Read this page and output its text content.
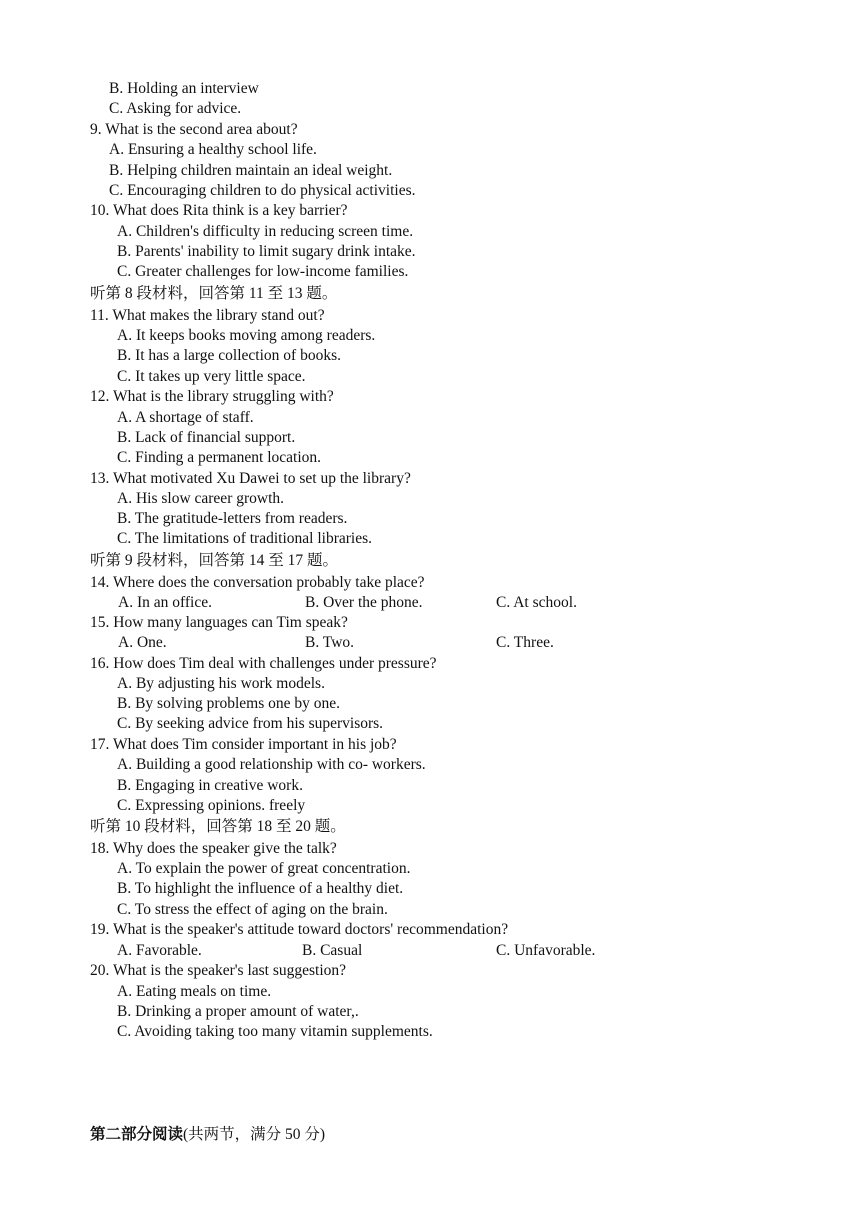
B. Holding an interview
C. Asking for advice.
9. What is the second area about?
A. Ensuring a healthy school life.
B. Helping children maintain an ideal weight.
C. Encouraging children to do physical activities.
10. What does Rita think is a key barrier?
A. Children's difficulty in reducing screen time.
B. Parents' inability to limit sugary drink intake.
C. Greater challenges for low-income families.
听第 8 段材料，回答第 11 至 13 题。
11. What makes the library stand out?
A. It keeps books moving among readers.
B. It has a large collection of books.
C. It takes up very little space.
12. What is the library struggling with?
A. A shortage of staff.
B. Lack of financial support.
C. Finding a permanent location.
13. What motivated Xu Dawei to set up the library?
A. His slow career growth.
B. The gratitude-letters from readers.
C. The limitations of traditional libraries.
听第 9 段材料，回答第 14 至 17 题。
14. Where does the conversation probably take place?
A. In an office.	B. Over the phone.	C. At school.
15. How many languages can Tim speak?
A. One.	B. Two.	C. Three.
16. How does Tim deal with challenges under pressure?
A. By adjusting his work models.
B. By solving problems one by one.
C. By seeking advice from his supervisors.
17. What does Tim consider important in his job?
A. Building a good relationship with co- workers.
B. Engaging in creative work.
C. Expressing opinions. freely
听第 10 段材料，回答第 18 至 20 题。
18. Why does the speaker give the talk?
A. To explain the power of great concentration.
B. To highlight the influence of a healthy diet.
C. To stress the effect of aging on the brain.
19. What is the speaker's attitude toward doctors' recommendation?
A. Favorable.	B. Casual	C. Unfavorable.
20. What is the speaker's last suggestion?
A. Eating meals on time.
B. Drinking a proper amount of water,.
C. Avoiding taking too many vitamin supplements.
第二部分阅读(共两节，满分 50 分)
